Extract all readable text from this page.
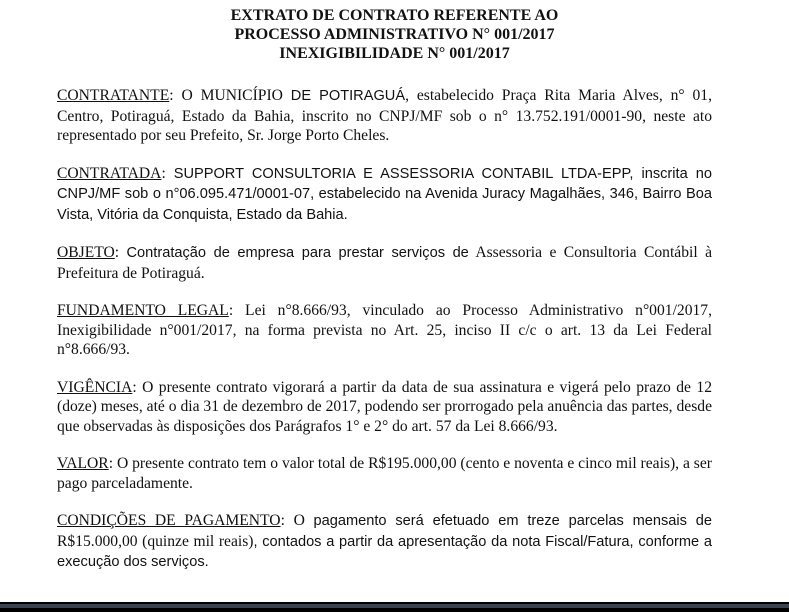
EXTRATO DE CONTRATO REFERENTE AO
PROCESSO ADMINISTRATIVO N° 001/2017
INEXIGIBILIDADE N° 001/2017

CONTRATANTE: O MUNICÍPIO DE POTIRAGUÁ, estabelecido Praça Rita Maria Alves, n° 01, Centro, Potiraguá, Estado da Bahia, inscrito no CNPJ/MF sob o n° 13.752.191/0001-90, neste ato representado por seu Prefeito, Sr. Jorge Porto Cheles.

CONTRATADA: SUPPORT CONSULTORIA E ASSESSORIA CONTABIL LTDA-EPP, inscrita no CNPJ/MF sob o n°06.095.471/0001-07, estabelecido na Avenida Juracy Magalhães, 346, Bairro Boa Vista, Vitória da Conquista, Estado da Bahia.

OBJETO: Contratação de empresa para prestar serviços de Assessoria e Consultoria Contábil à Prefeitura de Potiraguá.

FUNDAMENTO LEGAL: Lei n°8.666/93, vinculado ao Processo Administrativo n°001/2017, Inexigibilidade n°001/2017, na forma prevista no Art. 25, inciso II c/c o art. 13 da Lei Federal n°8.666/93.

VIGÊNCIA: O presente contrato vigorará a partir da data de sua assinatura e vigerá pelo prazo de 12 (doze) meses, até o dia 31 de dezembro de 2017, podendo ser prorrogado pela anuência das partes, desde que observadas às disposições dos Parágrafos 1° e 2° do art. 57 da Lei 8.666/93.

VALOR: O presente contrato tem o valor total de R$195.000,00 (cento e noventa e cinco mil reais), a ser pago parceladamente.

CONDIÇÕES DE PAGAMENTO: O pagamento será efetuado em treze parcelas mensais de R$15.000,00 (quinze mil reais), contados a partir da apresentação da nota Fiscal/Fatura, conforme a execução dos serviços.
